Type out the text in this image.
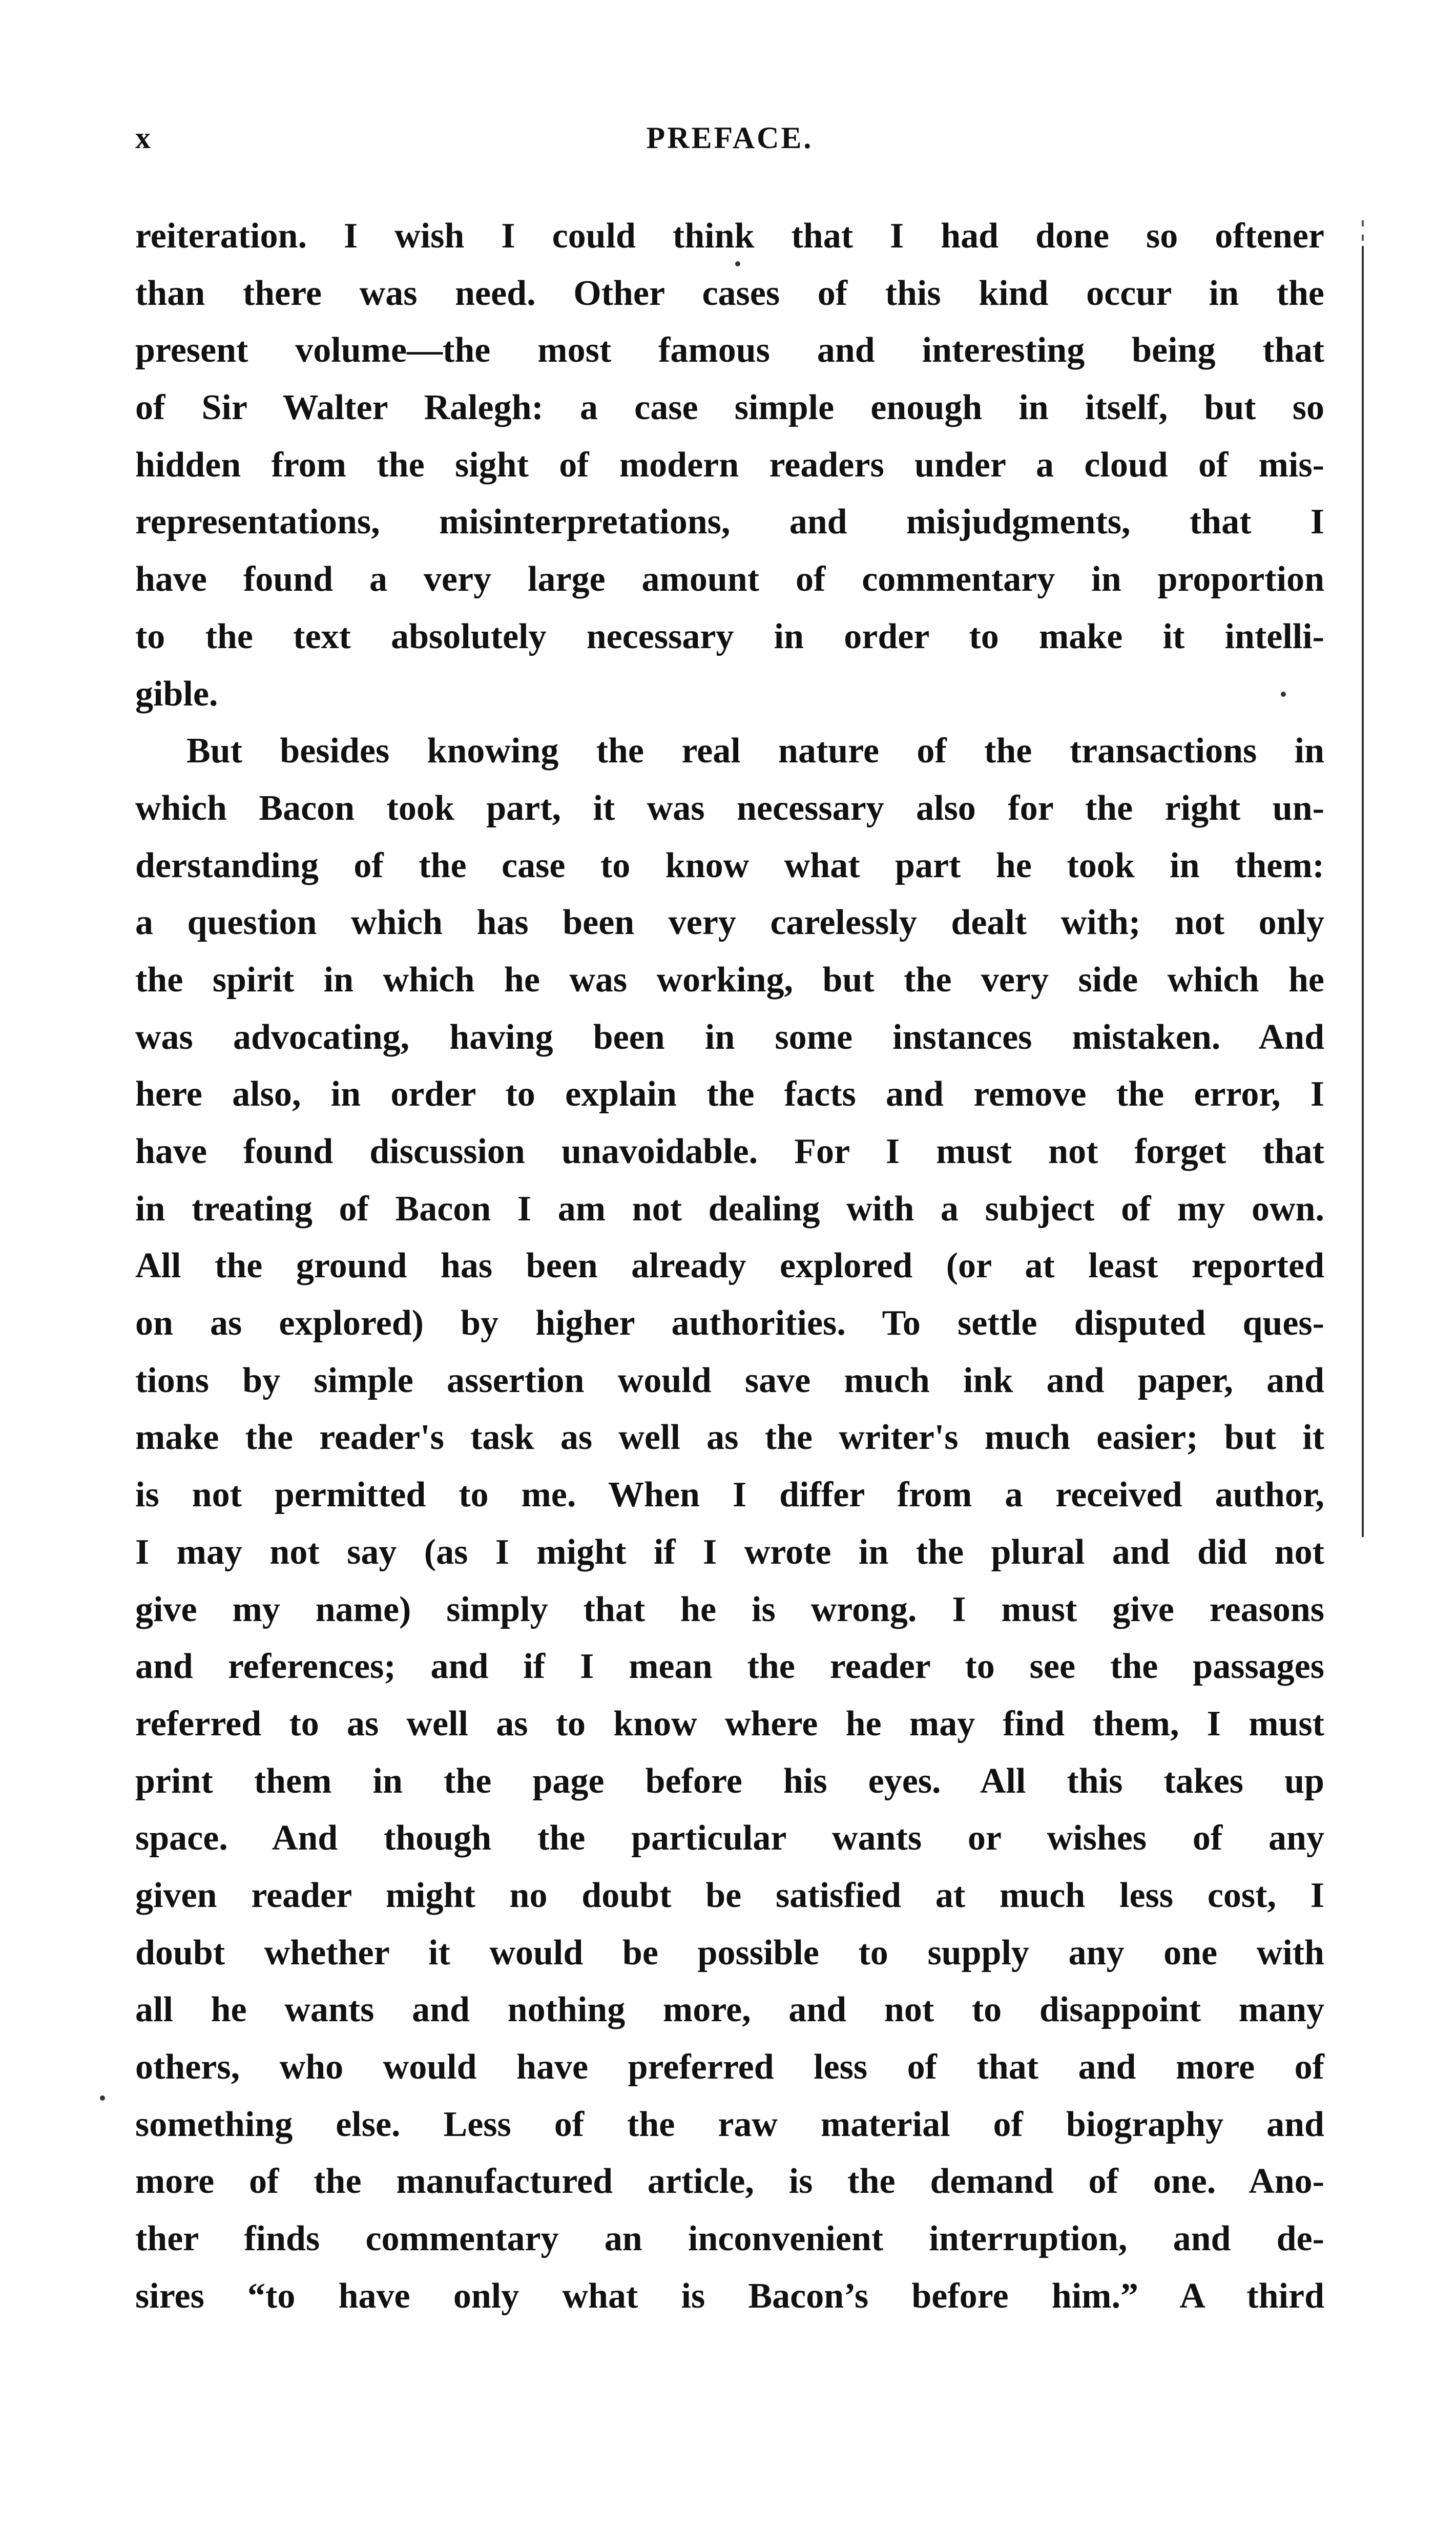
x	PREFACE.
reiteration. I wish I could think that I had done so oftener
than there was need. Other cases of this kind occur in the
present volume—the most famous and interesting being that
of Sir Walter Ralegh: a case simple enough in itself, but so
hidden from the sight of modern readers under a cloud of mis-
representations, misinterpretations, and misjudgments, that I
have found a very large amount of commentary in proportion
to the text absolutely necessary in order to make it intelli-
gible.
But besides knowing the real nature of the transactions in
which Bacon took part, it was necessary also for the right un-
derstanding of the case to know what part he took in them:
a question which has been very carelessly dealt with; not only
the spirit in which he was working, but the very side which he
was advocating, having been in some instances mistaken. And
here also, in order to explain the facts and remove the error, I
have found discussion unavoidable. For I must not forget that
in treating of Bacon I am not dealing with a subject of my own.
All the ground has been already explored (or at least reported
on as explored) by higher authorities. To settle disputed ques-
tions by simple assertion would save much ink and paper, and
make the reader's task as well as the writer's much easier; but it
is not permitted to me. When I differ from a received author,
I may not say (as I might if I wrote in the plural and did not
give my name) simply that he is wrong. I must give reasons
and references; and if I mean the reader to see the passages
referred to as well as to know where he may find them, I must
print them in the page before his eyes. All this takes up
space. And though the particular wants or wishes of any
given reader might no doubt be satisfied at much less cost, I
doubt whether it would be possible to supply any one with
all he wants and nothing more, and not to disappoint many
others, who would have preferred less of that and more of
something else. Less of the raw material of biography and
more of the manufactured article, is the demand of one. Ano-
ther finds commentary an inconvenient interruption, and de-
sires “to have only what is Bacon’s before him.” A third
